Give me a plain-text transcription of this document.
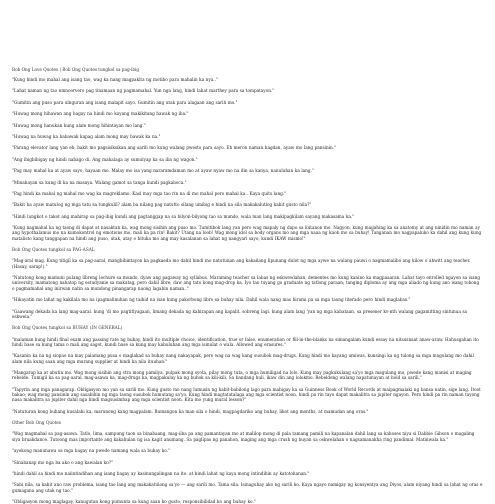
Bob Ong Love Quotes | Bob Ong Quotes tungkol sa pag-ibig

"Kung hindi mo mahal ang isang tao, wag ka nang magpakita ng motibo para mahalin ka nya.."

"Lahat naman ng tao nmnoorvero pag tinamaan ng pagmamahal. Yun nga lang, hindi lahat marthey para sa tompatayon."

"Gumitin ang puso para ulnguran ang isang malapit sayo. Gumitin ang utak para alagaan ang sarili mo."

"Huwag mong hihawan ang bagay na hindi mo kayang makikitang hawak ng iba."

"Huwag mong hanukan kung alam mong hihintayan mo lang."

"Huwag na huwag ka babawak kapag alam mong may bawak ka na."

"Parang elevator lang yan eh, bakit mo pagsisiksikan ang sarili mo kung walang pwesto para sayo. Eh meron naman hagdan, ayaw mo lang pansinin."

"Ang ibigbibigay ng hindi nabago di. Ang mahalaga ay sumulyap ka sa iba ng wagon."

"Pag may mahal ka at ayaw sayo, hayaan mo. Malay mo isa yang nararamdaman mo at ayaw nyaw mo na din sa kanya, nanuluhan ka lang."

"Minahayan sa kung di ka na masaya. Walang gamot sa tanga kundi pagkaboca."

"Pag hindi ka mahal ng mahal mo wag ka magreklamo. Kasi may mga tao rin na di mo mahal pero mahal ka.. Kaya quits lang."

"Bakit ba ayaw matulog ng mga tatu sa tungkulil? alam ba nilang pag natutto silang umibig e hindi na sila makakalutlog kahit gusto nila?"

"Hindi lungkot o takot ang mahirap sa pag-ibig kundi ang pagtanggap na sa bilyon-bilyong tao sa mundo, wala man lang makipagkilam sayang makasama ka."

"Kung nagmahal ka ng taong di dapat at nasaktan ka, wag mong sisihin ang puso mo. Tumitibok lang yan pero wag mapaly ng dapo sa kutanon mo. Nagyon, kung magahing ka sa anatomy at ang ninidin mo naman ay ang hypothalamus mo na kumokontrol ng emotions mo, mali ka pa rin! Bakit? Utang na loob! Wag mong idol sa body organs mo ang mga naaa ng kaob mo sa buhay! Tanganan mo nagpapaluko ka dahil ang kung kung matalisto kang tanggapan na hindi ang puso, utak, atay o bituka mo ang may kasalanan sa lahat ng nangyari sayo, kundi IKAW mismo!"

Bob Ong Quotes tungkol sa PAG-ASAL

"Mag-aral mag. Kung titigil ka sa pag-aaral, mangbibintayon ka pagkaeda mo dahil hindi mo natutunan ang kakailang lipunang dulot ng mga aywe na walang pauwi o nagmamalibo ang kilow o ahwitt ang teacher. (Hasay, sarap!)."

"Natutong kong mamuni pulang libreng lechure sa mundo, dyaw ang pagaway ng syllabus. Maraming teacher sa labas ng eskwewlahan, dementes mo kung kanino ka magpaaaran. Lahat tayo enrolled ngayon sa isang university, mamatong nahatop ng estudyanie sa makatag, pero dahil libre, daw ang tato kong mag-drop ka. Iyo tao tuyang go graduate ng tatlong paraan; tanging diploma ay ang mga aliado ng kung ano isang tobong o pagmamahal ang inirwan natin sa mundong pinangarap naong lagabin naman.."

"Hikayatin mo lahat ng kakilala mo na ipagmalinuhan ng taihid na isan kung pakorbong libro sa buhay nila. Dahil wala nang mas hirami pa sa mga taong literado pero hindi maglabas."

"Gaawang dekada ka lang mag-aaral. kung 'di mo pagtitiyagaan, limang dekada ng kahirapan ang kapalit. sobreng lagi. kung alam lang 'yan ng mga kabataan, sa presener kv-nth walang gagamitting sintunua sa eskwela."

Bob Ong Quotes tungkol sa BUHAY (IN GENERAL)

"malaman kung hindi final exam ang passing rate ng buhay. hindi ito multiple choice, identification, true or false, enumeration or fill-in-the-blanks na simangalam kundi essay na nitsusnaat anaw-araw. Hahusgahan ito hindi base sa kung tama o mali ang sagot, kundi base sa kung may kabuluhan ang mga isinulat o wala. Allowed ang erasures."

"Kasanin ka na ng siopao na may palamang pusa o maglakad sa buhay nang nakayapak, pero wag na wag kang susubok mag-drugs. Kung hindi mo kayang umiwas, kunsingi ka ng tulong sa mga magulang mo dahil alam nila kung saan ang mga murang supplier at hindi ka nila ituuhan."

"Mangarap ka at abutin mo. Wag mong sisihin ang stra mong pamilya, pulpak mong syota, pilay mong tuta, o mga humiligad na lolo. Kung may pagkukulang sa'yo mga magulang mo, pwede kang manisi at maging rebelde. Tumigil ka sa pag-aaral, mag-asawa ka, mag-drugs ka, magpakulay ka ng buhok sa kili-kili. Sa bandang huli, ikaw din ang lolokmo. Rebeldeng walang napatunayan at hold sa sarili."

"Tapyrin ang mga panagarap. Obligasyon mo yan sa sarili mo. Kung gusto mo nang lumusin ng habit-babilong lago para mabigay ka sa Guinness Book of World Records at maipagmalaki ng bansa natin, sige lang. Itoot bakao; wag mong pansinin ang sasabihin ng mga taong susubok humutang sa'yo. Kung hindi magtatatalaga ang mga scientist noon, hindi pa rin tayo dapat makalitra sa jupiter ngayon. Pero hindi pa rin naman tayong nasa makalitra sa jupiter dahil nga hindi magsusimbap ang mga scientist noon. Kita mo yung mural lesson?"

"Natuturan kong buhang kusalahi ka, marunong kang magpalam. Bumangon ka man sila o hindi, magpagdariko ang buhay, likot ang months, at mamudan ang oras."

Other Bob Ong Quotes

"Wag magmahal sa pag-asawa. Tatlo, lima, sampung taon sa binabaang, mag-iiba pa ang pamantayan mo at malilop mong di pala tamang pamili na kapanalan dahil lang sa kahoses niya si Dabbie Gibson o magaling siya bruakdance. Tutoong mas importante ang kakahulan ng isa kagit anumang. Sa paglipas ng panahon, maging ang mga crush ng buyan sa oskwelahan o nagsamanakha ring pandimal. Matinwala ka."

"ayokong manunawa sa mga bagay na pwede namang wala sa buhay ko."

"Sinabanap mo nga ba ako o ang kawalan ko?"

"hindi dahil sa hindi mo naiintindihan ang isang bagay ay kasinungalingan na ito. at hindi lahat ng kaya mong intindihin ay katotohanan."

"Sabi nila, sa kahit ano raw problema, isang tao lang ang makakatulong sa'yo — ang sarili mo. Tama sila. Isinaguhay ako ng sarili ko. Kaya ngayo namigay ng konsyentya ang Diyos, alam niyang hindi sa lahat ng oras e gumagana ang utak ng tao."

"Obligasyon mong maglagay, kanugutan kong pumunta sa kung saan ko gusto, responsibilidad ko ang buhay ko."
